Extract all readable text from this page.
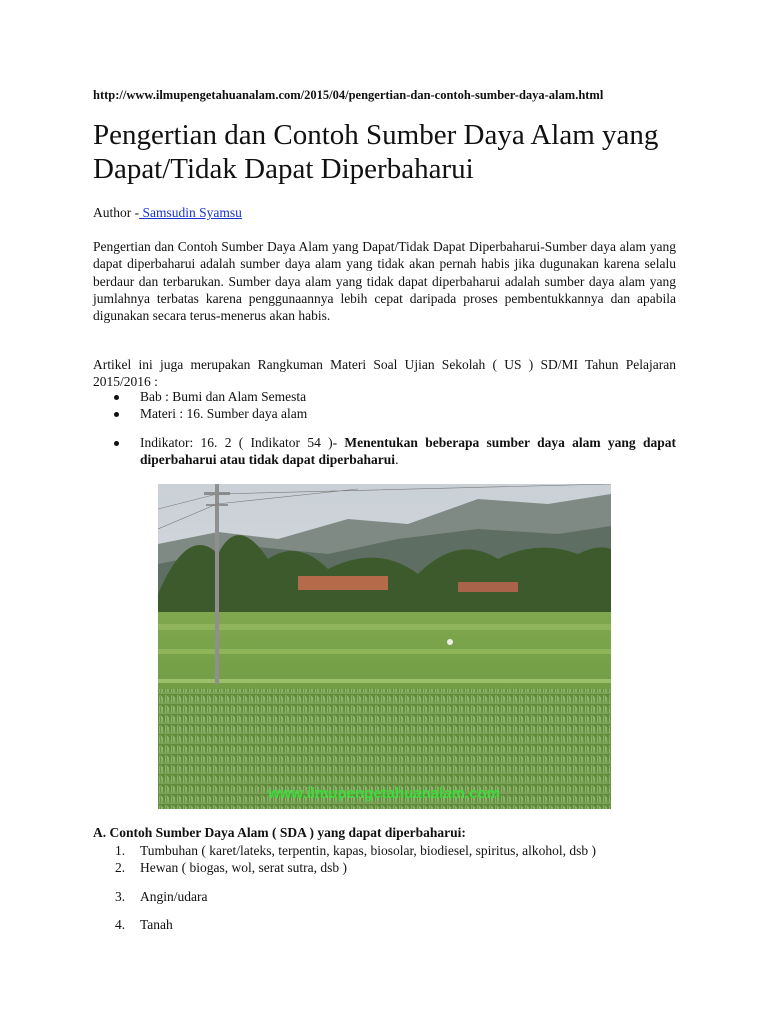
http://www.ilmupengetahuanalam.com/2015/04/pengertian-dan-contoh-sumber-daya-alam.html
Pengertian dan Contoh Sumber Daya Alam yang Dapat/Tidak Dapat Diperbaharui
Author - Samsudin Syamsu

Pengertian dan Contoh Sumber Daya Alam yang Dapat/Tidak Dapat Diperbaharui-Sumber daya alam yang dapat diperbaharui adalah sumber daya alam yang tidak akan pernah habis jika dugunakan karena selalu berdaur dan terbarukan. Sumber daya alam yang tidak dapat diperbaharui adalah sumber daya alam yang jumlahnya terbatas karena penggunaannya lebih cepat daripada proses pembentukkannya dan apabila digunakan secara terus-menerus akan habis.

Artikel ini juga merupakan Rangkuman Materi Soal Ujian Sekolah ( US ) SD/MI Tahun Pelajaran 2015/2016 :

Bab : Bumi dan Alam Semesta
Materi : 16. Sumber daya alam
Indikator: 16. 2 ( Indikator 54 )- Menentukan beberapa sumber daya alam yang dapat diperbaharui atau tidak dapat diperbaharui.
www.ilmupengetahuanalam.com

A. Contoh Sumber Daya Alam ( SDA ) yang dapat diperbaharui:

1. Tumbuhan ( karet/lateks, terpentin, kapas, biosolar, biodiesel, spiritus, alkohol, dsb )
2. Hewan ( biogas, wol, serat sutra, dsb )
3. Angin/udara
4. Tanah
